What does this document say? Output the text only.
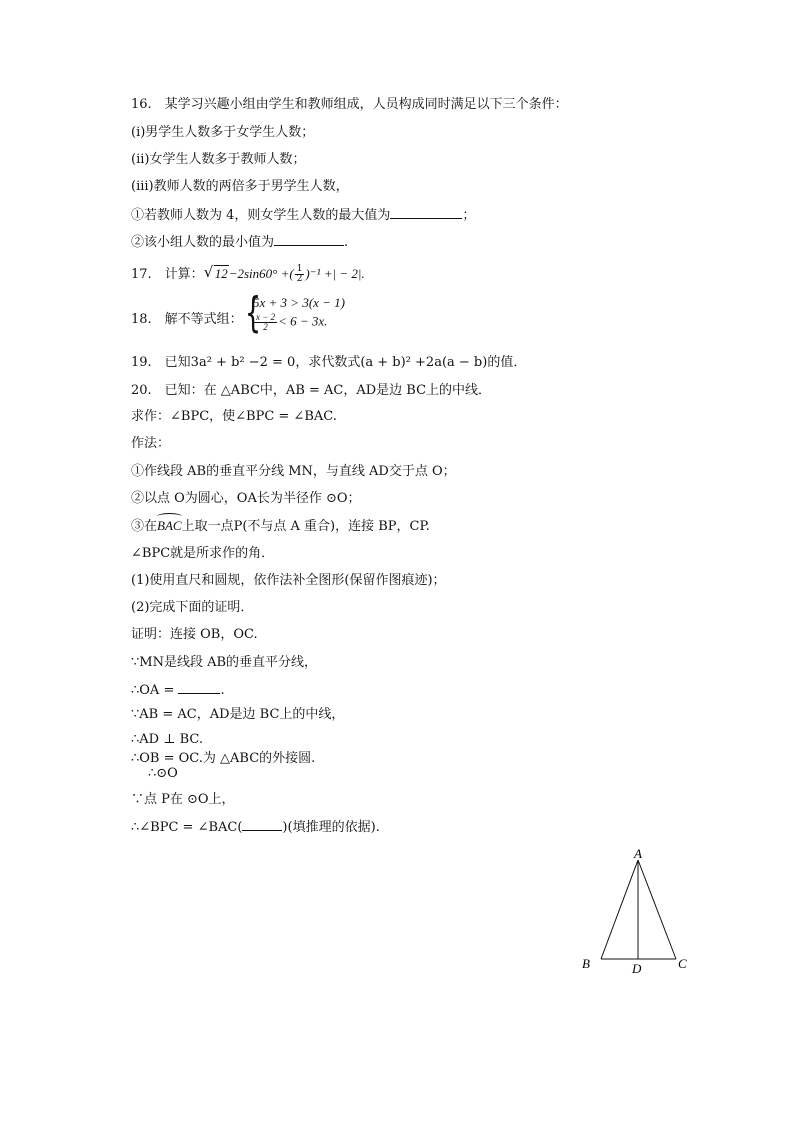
16.　某学习兴趣小组由学生和教师组成，人员构成同时满足以下三个条件：
(i)男学生人数多于女学生人数；
(ii)女学生人数多于教师人数；
(iii)教师人数的两倍多于男学生人数，
①若教师人数为 4，则女学生人数的最大值为	；
②该小组人数的最小值为	.
17.　计算： √ 12−2sin60° +( $\frac{1}{2} )^{-1}$ +| − 2|.
18.　解不等式组： {
5x + 3 > 3(x − 1)
$\frac{x - 2}{2} < 6 - 3x$.
19.　已知3a² + b² −2 = 0，求代数式(a + b)² +2a(a − b)的值．
20.　已知：在 △ABC中，AB = AC，AD是边 BC上的中线．
求作：∠BPC，使∠BPC = ∠BAC.
作法：
①作线段 AB的垂直平分线 MN，与直线 AD交于点 O；
②以点 O为圆心，OA长为半径作 ⊙O；
③在BAC上取一点P(不与点 A 重合)，连接 BP，CP.
∠BPC就是所求作的角．
(1)使用直尺和圆规，依作法补全图形(保留作图痕迹)；
(2)完成下面的证明．
证明：连接 OB，OC.
∵MN是线段 AB的垂直平分线，
∴OA =	.
∵AB = AC，AD是边 BC上的中线，
∴AD ⊥ BC.
∴OB = OC.为 △ABC的外接圆.
∴⊙O
∵点 P在 ⊙O上，
∴∠BPC = ∠BAC(	)(填推理的依据).
A
B	C
D
